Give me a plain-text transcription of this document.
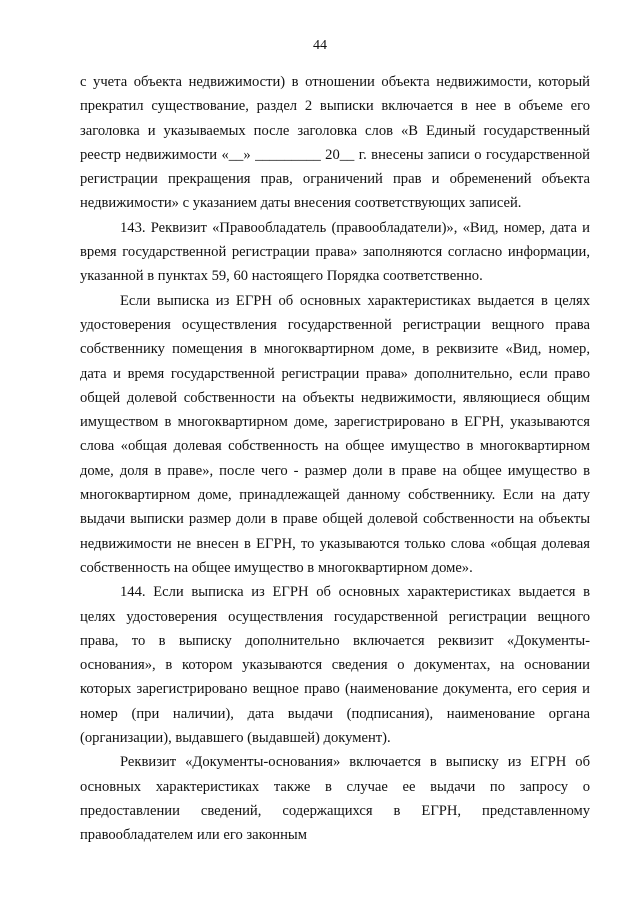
44

с учета объекта недвижимости) в отношении объекта недвижимости, который прекратил существование, раздел 2 выписки включается в нее в объеме его заголовка и указываемых после заголовка слов «В Единый государственный реестр недвижимости «__» _________ 20__ г. внесены записи о государственной регистрации прекращения прав, ограничений прав и обременений объекта недвижимости» с указанием даты внесения соответствующих записей.

143. Реквизит «Правообладатель (правообладатели)», «Вид, номер, дата и время государственной регистрации права» заполняются согласно информации, указанной в пунктах 59, 60 настоящего Порядка соответственно.

Если выписка из ЕГРН об основных характеристиках выдается в целях удостоверения осуществления государственной регистрации вещного права собственнику помещения в многоквартирном доме, в реквизите «Вид, номер, дата и время государственной регистрации права» дополнительно, если право общей долевой собственности на объекты недвижимости, являющиеся общим имуществом в многоквартирном доме, зарегистрировано в ЕГРН, указываются слова «общая долевая собственность на общее имущество в многоквартирном доме, доля в праве», после чего - размер доли в праве на общее имущество в многоквартирном доме, принадлежащей данному собственнику. Если на дату выдачи выписки размер доли в праве общей долевой собственности на объекты недвижимости не внесен в ЕГРН, то указываются только слова «общая долевая собственность на общее имущество в многоквартирном доме».

144. Если выписка из ЕГРН об основных характеристиках выдается в целях удостоверения осуществления государственной регистрации вещного права, то в выписку дополнительно включается реквизит «Документы-основания», в котором указываются сведения о документах, на основании которых зарегистрировано вещное право (наименование документа, его серия и номер (при наличии), дата выдачи (подписания), наименование органа (организации), выдавшего (выдавшей) документ).

Реквизит «Документы-основания» включается в выписку из ЕГРН об основных характеристиках также в случае ее выдачи по запросу о предоставлении сведений, содержащихся в ЕГРН, представленному правообладателем или его законным
